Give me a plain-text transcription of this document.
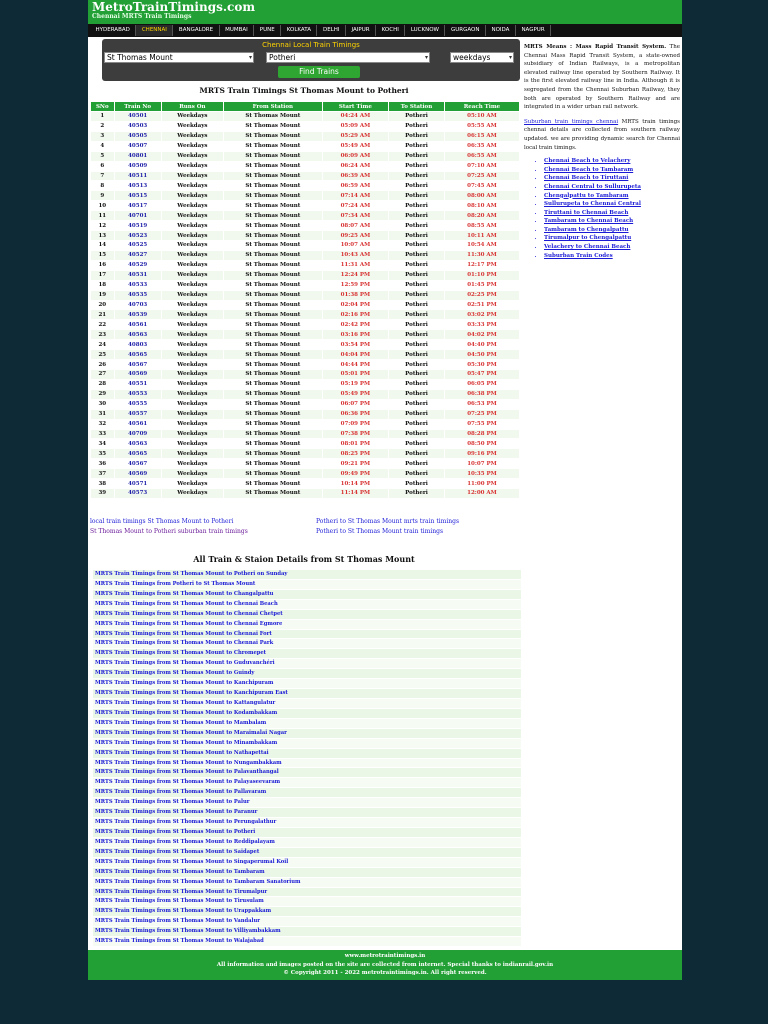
MetroTrainTimings.com
Chennai MRTS Train Timings
HYDERABAD	CHENNAI	BANGALORE	MUMBAI	PUNE	KOLKATA	DELHI	JAIPUR	KOCHI	LUCKNOW	GURGAON	NOIDA	NAGPUR
Chennai Local Train Timings
St Thomas Mount	▾	Potheri	▾	weekdays	▾
Find Trains
MRTS Train Timings St Thomas Mount to Potheri
SNo	Train No	Runs On	From Station	Start Time	To Station	Reach Time
1	40501	Weekdays	St Thomas Mount	04:24 AM	Potheri	05:10 AM
2	40503	Weekdays	St Thomas Mount	05:09 AM	Potheri	05:55 AM
3	40505	Weekdays	St Thomas Mount	05:29 AM	Potheri	06:15 AM
4	40507	Weekdays	St Thomas Mount	05:49 AM	Potheri	06:35 AM
5	40801	Weekdays	St Thomas Mount	06:09 AM	Potheri	06:55 AM
6	40509	Weekdays	St Thomas Mount	06:24 AM	Potheri	07:10 AM
7	40511	Weekdays	St Thomas Mount	06:39 AM	Potheri	07:25 AM
8	40513	Weekdays	St Thomas Mount	06:59 AM	Potheri	07:45 AM
9	40515	Weekdays	St Thomas Mount	07:14 AM	Potheri	08:00 AM
10	40517	Weekdays	St Thomas Mount	07:24 AM	Potheri	08:10 AM
11	40701	Weekdays	St Thomas Mount	07:34 AM	Potheri	08:20 AM
12	40519	Weekdays	St Thomas Mount	08:07 AM	Potheri	08:55 AM
13	40523	Weekdays	St Thomas Mount	09:25 AM	Potheri	10:11 AM
14	40525	Weekdays	St Thomas Mount	10:07 AM	Potheri	10:54 AM
15	40527	Weekdays	St Thomas Mount	10:43 AM	Potheri	11:30 AM
16	40529	Weekdays	St Thomas Mount	11:31 AM	Potheri	12:17 PM
17	40531	Weekdays	St Thomas Mount	12:24 PM	Potheri	01:10 PM
18	40533	Weekdays	St Thomas Mount	12:59 PM	Potheri	01:45 PM
19	40535	Weekdays	St Thomas Mount	01:38 PM	Potheri	02:25 PM
20	40703	Weekdays	St Thomas Mount	02:04 PM	Potheri	02:51 PM
21	40539	Weekdays	St Thomas Mount	02:16 PM	Potheri	03:02 PM
22	40561	Weekdays	St Thomas Mount	02:42 PM	Potheri	03:33 PM
23	40563	Weekdays	St Thomas Mount	03:16 PM	Potheri	04:02 PM
24	40803	Weekdays	St Thomas Mount	03:54 PM	Potheri	04:40 PM
25	40565	Weekdays	St Thomas Mount	04:04 PM	Potheri	04:50 PM
26	40567	Weekdays	St Thomas Mount	04:44 PM	Potheri	05:30 PM
27	40569	Weekdays	St Thomas Mount	05:01 PM	Potheri	05:47 PM
28	40551	Weekdays	St Thomas Mount	05:19 PM	Potheri	06:05 PM
29	40553	Weekdays	St Thomas Mount	05:49 PM	Potheri	06:38 PM
30	40555	Weekdays	St Thomas Mount	06:07 PM	Potheri	06:53 PM
31	40557	Weekdays	St Thomas Mount	06:36 PM	Potheri	07:25 PM
32	40561	Weekdays	St Thomas Mount	07:09 PM	Potheri	07:55 PM
33	40709	Weekdays	St Thomas Mount	07:38 PM	Potheri	08:28 PM
34	40563	Weekdays	St Thomas Mount	08:01 PM	Potheri	08:50 PM
35	40565	Weekdays	St Thomas Mount	08:25 PM	Potheri	09:16 PM
36	40567	Weekdays	St Thomas Mount	09:21 PM	Potheri	10:07 PM
37	40569	Weekdays	St Thomas Mount	09:49 PM	Potheri	10:35 PM
38	40571	Weekdays	St Thomas Mount	10:14 PM	Potheri	11:00 PM
39	40573	Weekdays	St Thomas Mount	11:14 PM	Potheri	12:00 AM
local train timings St Thomas Mount to Potheri	Potheri to St Thomas Mount mrts train timings
St Thomas Mount to Potheri suburban train timings	Potheri to St Thomas Mount train timings
All Train & Staion Details from St Thomas Mount
MRTS Train Timings from St Thomas Mount to Potheri on Sunday
MRTS Train Timings from Potheri to St Thomas Mount
MRTS Train Timings from St Thomas Mount to Changalpattu
MRTS Train Timings from St Thomas Mount to Chennai Beach
MRTS Train Timings from St Thomas Mount to Chennai Chetpet
MRTS Train Timings from St Thomas Mount to Chennai Egmore
MRTS Train Timings from St Thomas Mount to Chennai Fort
MRTS Train Timings from St Thomas Mount to Chennai Park
MRTS Train Timings from St Thomas Mount to Chromepet
MRTS Train Timings from St Thomas Mount to Guduvanchéri
MRTS Train Timings from St Thomas Mount to Guindy
MRTS Train Timings from St Thomas Mount to Kanchipuram
MRTS Train Timings from St Thomas Mount to Kanchipuram East
MRTS Train Timings from St Thomas Mount to Kattangulatur
MRTS Train Timings from St Thomas Mount to Kodambakkam
MRTS Train Timings from St Thomas Mount to Mambalam
MRTS Train Timings from St Thomas Mount to Maraimalai Nagar
MRTS Train Timings from St Thomas Mount to Minambakkam
MRTS Train Timings from St Thomas Mount to Nathapettai
MRTS Train Timings from St Thomas Mount to Nungambakkam
MRTS Train Timings from St Thomas Mount to Palavanthangal
MRTS Train Timings from St Thomas Mount to Palayaseevaram
MRTS Train Timings from St Thomas Mount to Pallavaram
MRTS Train Timings from St Thomas Mount to Palur
MRTS Train Timings from St Thomas Mount to Paranur
MRTS Train Timings from St Thomas Mount to Perungalathur
MRTS Train Timings from St Thomas Mount to Potheri
MRTS Train Timings from St Thomas Mount to Reddipalayam
MRTS Train Timings from St Thomas Mount to Saidapet
MRTS Train Timings from St Thomas Mount to Singaperumal Koil
MRTS Train Timings from St Thomas Mount to Tambaram
MRTS Train Timings from St Thomas Mount to Tambaram Sanatorium
MRTS Train Timings from St Thomas Mount to Tirumalpur
MRTS Train Timings from St Thomas Mount to Tirusulam
MRTS Train Timings from St Thomas Mount to Urappakkam
MRTS Train Timings from St Thomas Mount to Vandalur
MRTS Train Timings from St Thomas Mount to Villiyambakkam
MRTS Train Timings from St Thomas Mount to Walajabad
MRTS Means : Mass Rapid Transit System. The Chennai Mass Rapid Transit System, a state-owned subsidiary of Indian Railways, is a metropolitan elevated railway line operated by Southern Railway. It is the first elevated railway line in India. Although it is segregated from the Chennai Suburban Railway, they both are operated by Southern Railway and are integrated in a wider urban rail network.
Suburban train timings chennai MRTS train timings chennai details are collected from southern railway updated. we are providing dynamic search for Chennai local train timings.
• Chennai Beach to Velachery
• Chennai Beach to Tambaram
• Chennai Beach to Tiruttani
• Chennai Central to Sullurupeta
• Chengalpattu to Tambaram
• Sullurupeta to Chennai Central
• Tiruttani to Chennai Beach
• Tambaram to Chennai Beach
• Tambaram to Chengalpattu
• Tirumalpur to Chengalpattu
• Velachery to Chennai Beach
• Suburban Train Codes
www.metrotraintimings.in
All information and images posted on the site are collected from internet. Special thanks to indianrail.gov.in
© Copyright 2011 - 2022 metrotraintimings.in. All right reserved.
